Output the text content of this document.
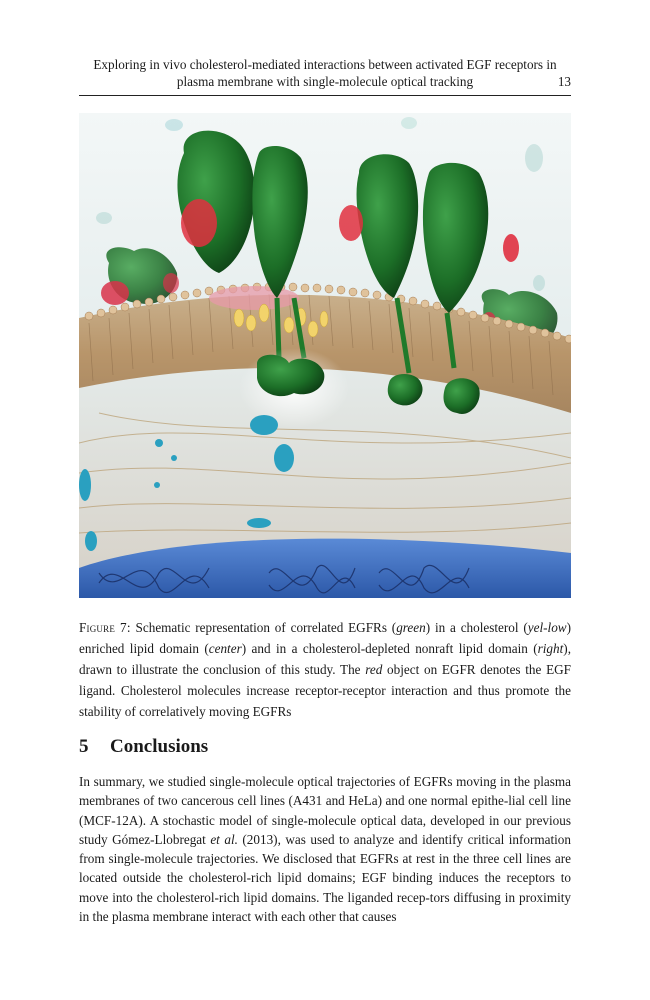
Exploring in vivo cholesterol-mediated interactions between activated EGF receptors in

plasma membrane with single-molecule optical tracking	13
Figure 7: Schematic representation of correlated EGFRs (green) in a cholesterol (yel-low) enriched lipid domain (center) and in a cholesterol-depleted nonraft lipid domain (right), drawn to illustrate the conclusion of this study. The red object on EGFR denotes the EGF ligand. Cholesterol molecules increase receptor-receptor interaction and thus promote the stability of correlatively moving EGFRs
5 Conclusions
In summary, we studied single-molecule optical trajectories of EGFRs moving in the plasma membranes of two cancerous cell lines (A431 and HeLa) and one normal epithe-lial cell line (MCF-12A). A stochastic model of single-molecule optical data, developed in our previous study Gómez-Llobregat et al. (2013), was used to analyze and identify critical information from single-molecule trajectories. We disclosed that EGFRs at rest in the three cell lines are located outside the cholesterol-rich lipid domains; EGF binding induces the receptors to move into the cholesterol-rich lipid domains. The liganded recep-tors diffusing in proximity in the plasma membrane interact with each other that causes
